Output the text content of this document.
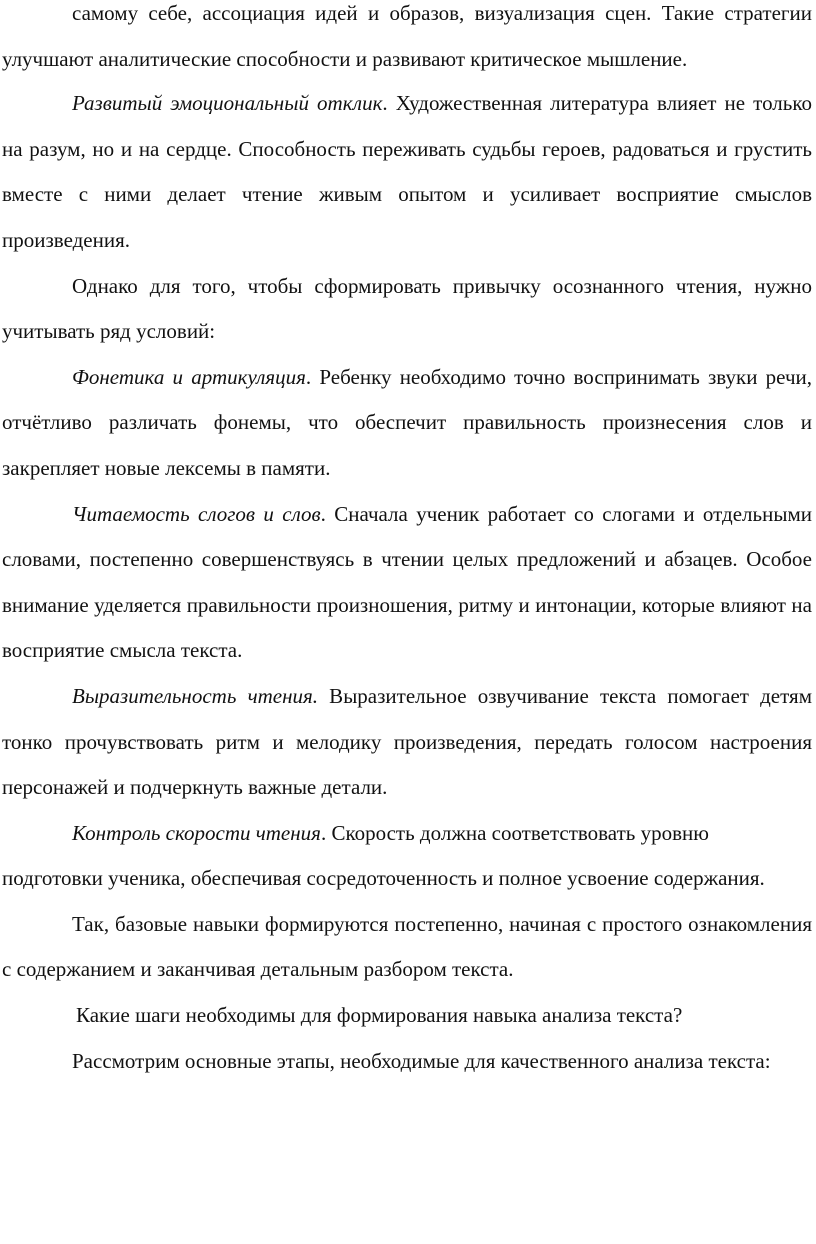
самому себе, ассоциация идей и образов, визуализация сцен. Такие стратегии улучшают аналитические способности и развивают критическое мышление.

Развитый эмоциональный отклик. Художественная литература влияет не только на разум, но и на сердце. Способность переживать судьбы героев, радоваться и грустить вместе с ними делает чтение живым опытом и усиливает восприятие смыслов произведения.

Однако для того, чтобы сформировать привычку осознанного чтения, нужно учитывать ряд условий:

Фонетика и артикуляция. Ребенку необходимо точно воспринимать звуки речи, отчётливо различать фонемы, что обеспечит правильность произнесения слов и закрепляет новые лексемы в памяти.

Читаемость слогов и слов. Сначала ученик работает со слогами и отдельными словами, постепенно совершенствуясь в чтении целых предложений и абзацев. Особое внимание уделяется правильности произношения, ритму и интонации, которые влияют на восприятие смысла текста.

Выразительность чтения. Выразительное озвучивание текста помогает детям тонко прочувствовать ритм и мелодику произведения, передать голосом настроения персонажей и подчеркнуть важные детали.

Контроль скорости чтения. Скорость должна соответствовать уровню подготовки ученика, обеспечивая сосредоточенность и полное усвоение содержания.

Так, базовые навыки формируются постепенно, начиная с простого ознакомления с содержанием и заканчивая детальным разбором текста.

Какие шаги необходимы для формирования навыка анализа текста?

Рассмотрим основные этапы, необходимые для качественного анализа текста:
